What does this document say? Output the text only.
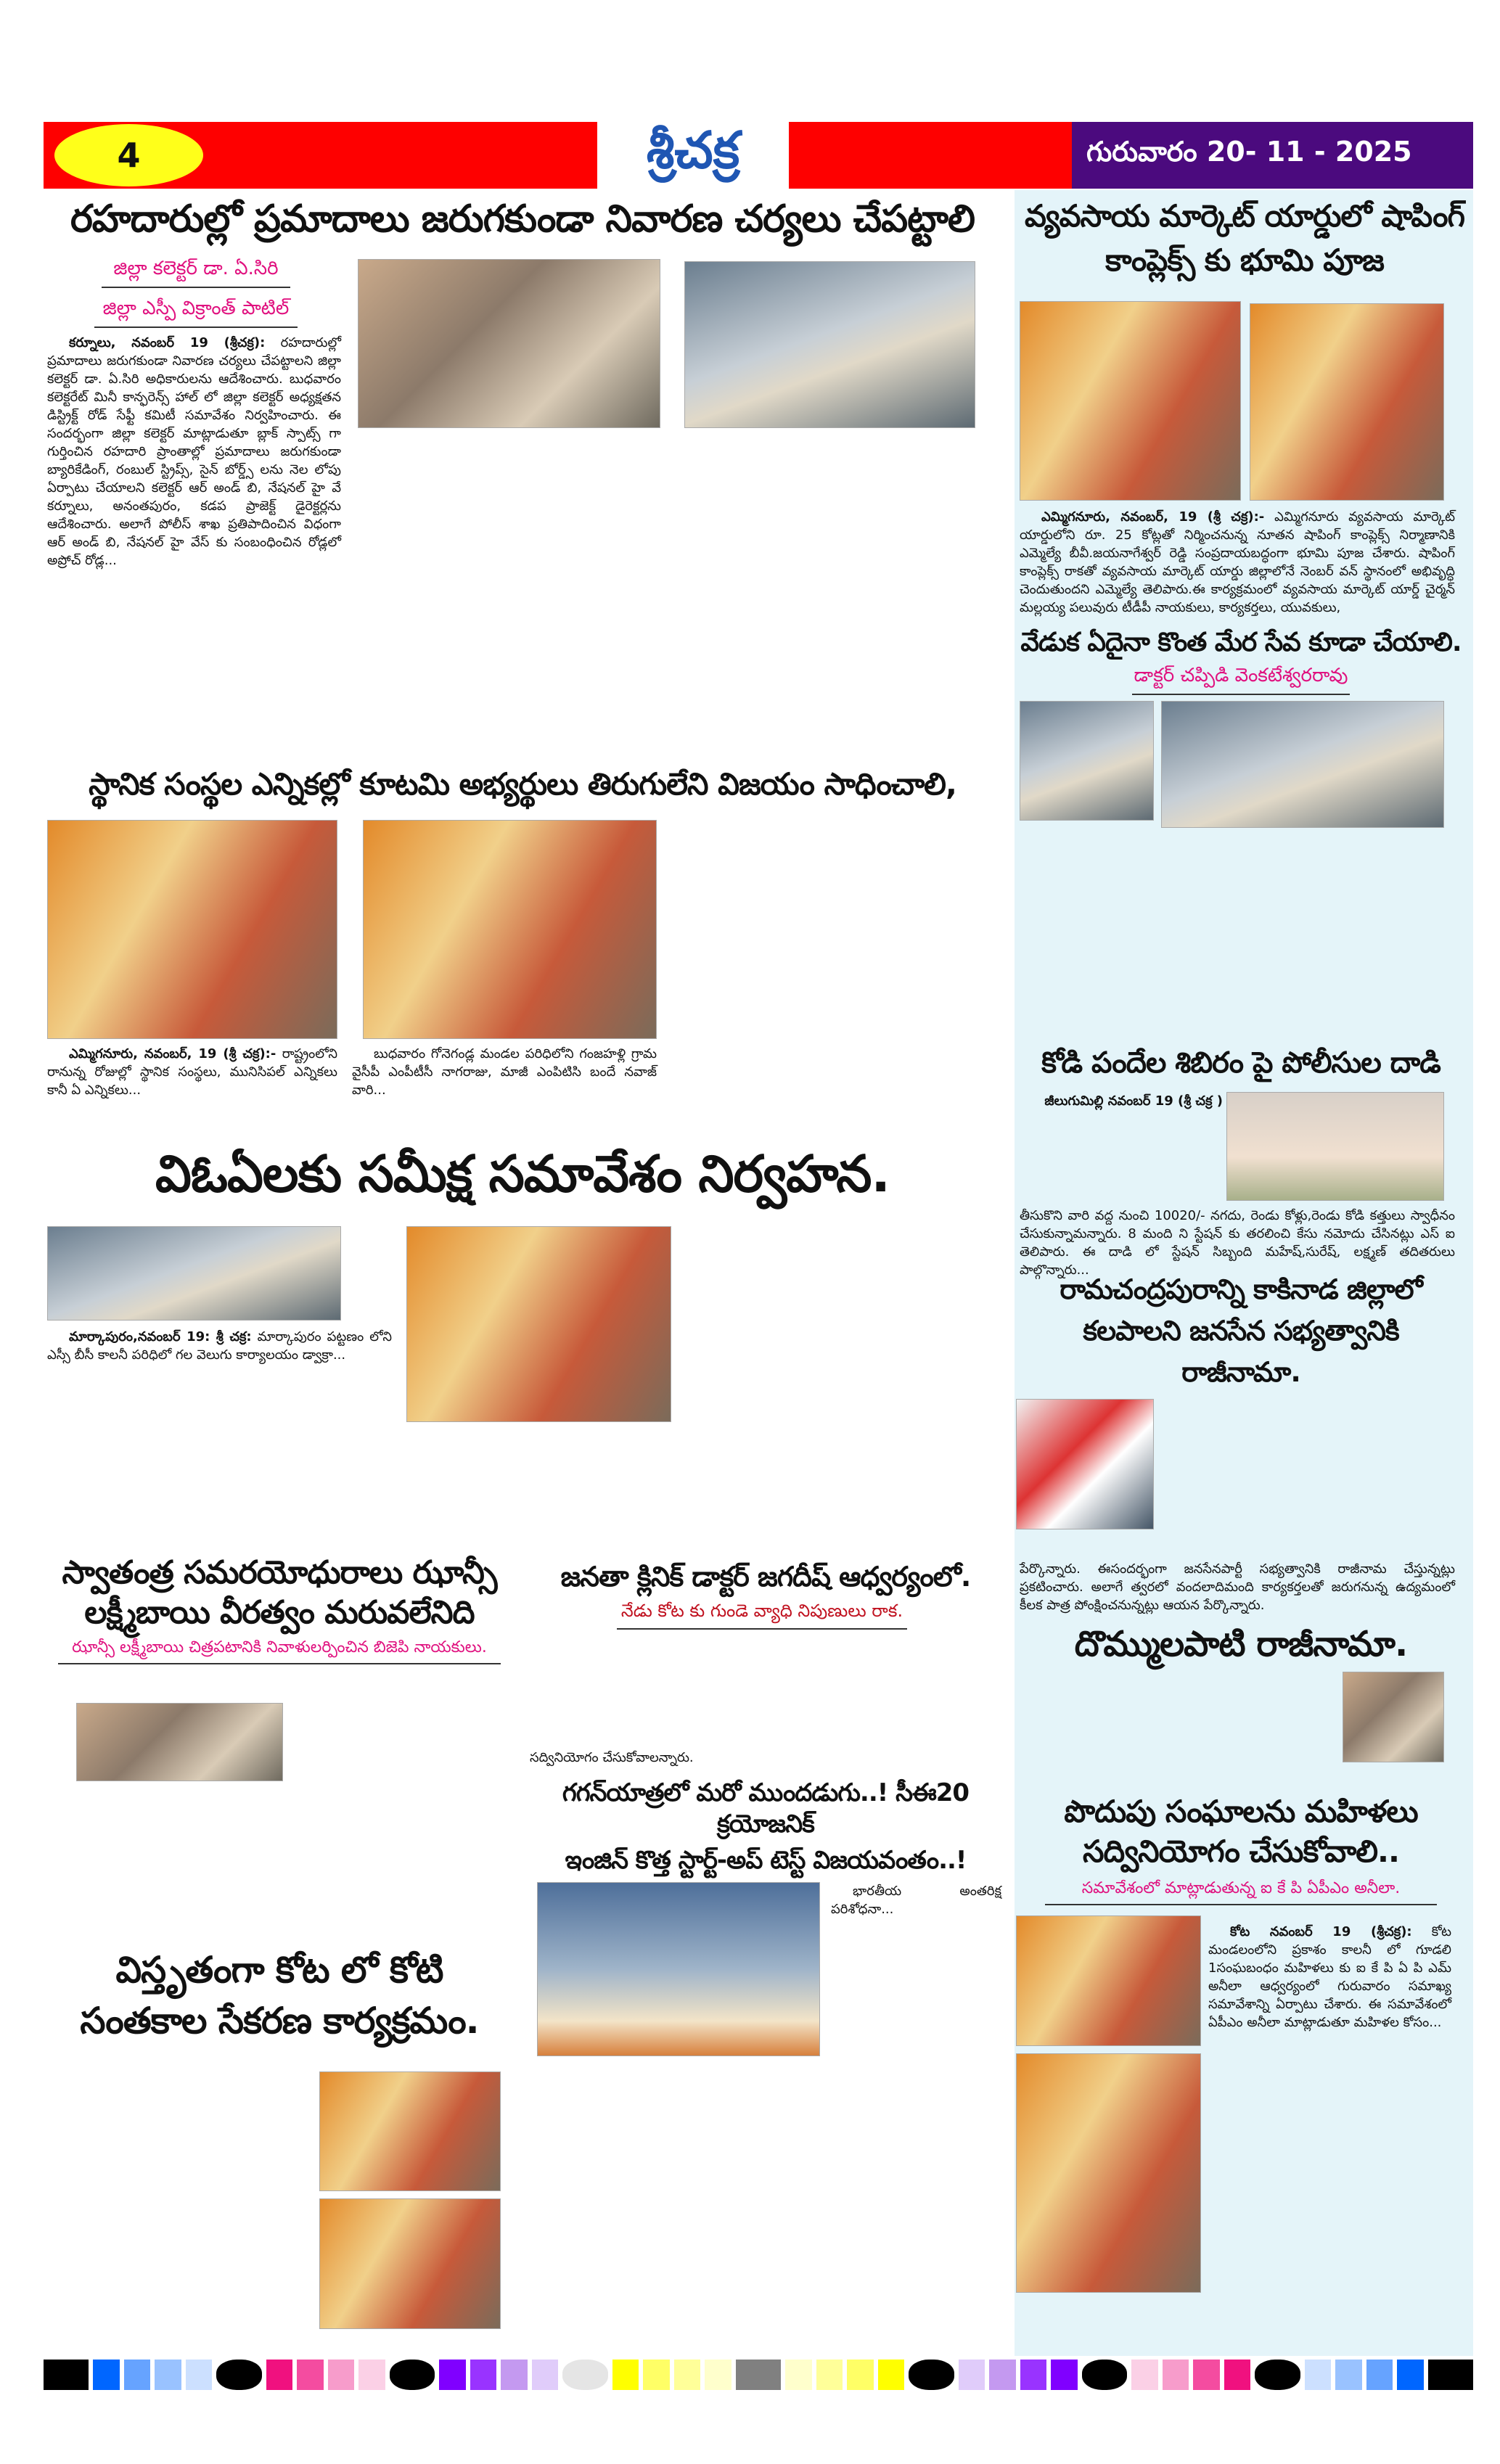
4	శ్రీచక్ర	గురువారం 20- 11 - 2025
రహదారుల్లో ప్రమాదాలు జరుగకుండా నివారణ చర్యలు చేపట్టాలి
జిల్లా కలెక్టర్ డా. ఏ.సిరి
జిల్లా ఎస్పీ విక్రాంత్ పాటిల్
కర్నూలు, నవంబర్ 19 (శ్రీచక్ర): రహదారుల్లో ప్రమాదాలు జరుగకుండా నివారణ చర్యలు చేపట్టాలని జిల్లా కలెక్టర్ డా. ఏ.సిరి అధికారులను ఆదేశించారు. బుధవారం కలెక్టరేట్ మినీ కాన్ఫరెన్స్ హాల్ లో జిల్లా కలెక్టర్ అధ్యక్షతన డిస్ట్రిక్ట్ రోడ్ సేఫ్టీ కమిటీ సమావేశం నిర్వహించారు. ఈ సందర్భంగా జిల్లా కలెక్టర్ మాట్లాడుతూ బ్లాక్ స్పాట్స్ గా గుర్తించిన రహదారి ప్రాంతాల్లో ప్రమాదాలు జరుగకుండా బ్యారికేడింగ్, రంబుల్ స్ట్రిప్స్, సైన్ బోర్డ్స్ లను నెల లోపు ఏర్పాటు చేయాలని కలెక్టర్ ఆర్ అండ్ బి, నేషనల్ హై వే కర్నూలు, అనంతపురం, కడప ప్రాజెక్ట్ డైరెక్టర్లను ఆదేశించారు. అలాగే పోలీస్ శాఖ ప్రతిపాదించిన విధంగా ఆర్ అండ్ బి, నేషనల్ హై వేస్ కు సంబంధించిన రోడ్లలో అప్రోచ్ రోడ్ల...
స్థానిక సంస్థల ఎన్నికల్లో కూటమి అభ్యర్థులు తిరుగులేని విజయం సాధించాలి,
ఎమ్మిగనూరు, నవంబర్, 19 (శ్రీ చక్ర):- రాష్ట్రంలోని రానున్న రోజుల్లో స్థానిక సంస్థలు, మునిసిపల్ ఎన్నికలు కానీ ఏ ఎన్నికలు...
బుధవారం గోనెగండ్ల మండల పరిధిలోని గంజహళ్లి గ్రామ వైసీపీ ఎంపీటీసీ నాగరాజు, మాజీ ఎంపిటిసి బందే నవాజ్ వారి...
విఓఏలకు సమీక్ష సమావేశం నిర్వహన.
మార్కాపురం,నవంబర్ 19: శ్రీ చక్ర: మార్కాపురం పట్టణం లోని ఎస్సీ బీసీ కాలనీ పరిధిలో గల వెలుగు కార్యాలయం డ్వాక్రా...
స్వాతంత్ర సమరయోధురాలు ఝాన్సీ లక్ష్మీబాయి వీరత్వం మరువలేనిది
ఝాన్సీ లక్ష్మీబాయి చిత్రపటానికి నివాళులర్పించిన బిజెపి నాయకులు.
జనతా క్లినిక్ డాక్టర్ జగదీష్ ఆధ్వర్యంలో.
నేడు కోట కు గుండె వ్యాధి నిపుణులు రాక.
సద్వినియోగం చేసుకోవాలన్నారు.
గగన్‌యాత్రలో మరో ముందడుగు..! సీఈ20 క్రయోజనిక్
ఇంజిన్ కొత్త స్టార్ట్-అప్ టెస్ట్ విజయవంతం..!
భారతీయ అంతరిక్ష పరిశోధనా...
విస్తృతంగా కోట లో కోటి సంతకాల సేకరణ కార్యక్రమం.
వ్యవసాయ మార్కెట్ యార్డులో షాపింగ్ కాంప్లెక్స్ కు భూమి పూజ
ఎమ్మిగనూరు, నవంబర్, 19 (శ్రీ చక్ర):- ఎమ్మిగనూరు వ్యవసాయ మార్కెట్ యార్డులోని రూ. 25 కోట్లతో నిర్మించనున్న నూతన షాపింగ్ కాంప్లెక్స్ నిర్మాణానికి ఎమ్మెల్యే బీవీ.జయనాగేశ్వర్ రెడ్డి సంప్రదాయబద్ధంగా భూమి పూజ చేశారు. షాపింగ్ కాంప్లెక్స్ రాకతో వ్యవసాయ మార్కెట్ యార్డు జిల్లాలోనే నెంబర్ వన్ స్థానంలో అభివృద్ధి చెందుతుందని ఎమ్మెల్యే తెలిపారు.ఈ కార్యక్రమంలో వ్యవసాయ మార్కెట్ యార్డ్ చైర్మన్ మల్లయ్య పలువురు టీడీపీ నాయకులు, కార్యకర్తలు, యువకులు,
వేడుక ఏదైనా కొంత మేర సేవ కూడా చేయాలి.
డాక్టర్ చప్పిడి వెంకటేశ్వరరావు
కోడి పందేల శిబిరం పై పోలీసుల దాడి
జీలుగుమిల్లి నవంబర్ 19 (శ్రీ చక్ర )
తీసుకొని వారి వద్ద నుంచి 10020/- నగదు, రెండు కోళ్లు,రెండు కోడి కత్తులు స్వాధీనం చేసుకున్నామన్నారు. 8 మంది ని స్టేషన్ కు తరలించి కేసు నమోదు చేసినట్లు ఎస్ ఐ తెలిపారు. ఈ దాడి లో స్టేషన్ సిబ్బంది మహేష్,సురేష్, లక్ష్మణ్ తదితరులు పాల్గొన్నారు...
రామచంద్రపురాన్ని కాకినాడ జిల్లాలో కలపాలని జనసేన సభ్యత్వానికి రాజీనామా.
పేర్కొన్నారు. ఈసందర్భంగా జనసేనపార్టీ సభ్యత్వానికి రాజీనామ చేస్తున్నట్లు ప్రకటించారు. అలాగే త్వరలో వందలాదిమంది కార్యకర్తలతో జరుగనున్న ఉద్యమంలో కీలక పాత్ర పోంక్షించనున్నట్లు ఆయన పేర్కొన్నారు.
దొమ్ములపాటి రాజీనామా.
పొదుపు సంఘాలను మహిళలు సద్వినియోగం చేసుకోవాలి..
సమావేశంలో మాట్లాడుతున్న ఐ కే పి ఏపీఎం అనీలా.
కోట నవంబర్ 19 (శ్రీచక్ర): కోట మండలంలోని ప్రకాశం కాలనీ లో గూడలి 1సంఘబంధం మహిళలు కు ఐ కే పి ఏ పి ఎమ్ అనీలా ఆధ్వర్యంలో గురువారం సమాఖ్య సమావేశాన్ని ఏర్పాటు చేశారు. ఈ సమావేశంలో ఏపీఎం అనీలా మాట్లాడుతూ మహిళల కోసం...
